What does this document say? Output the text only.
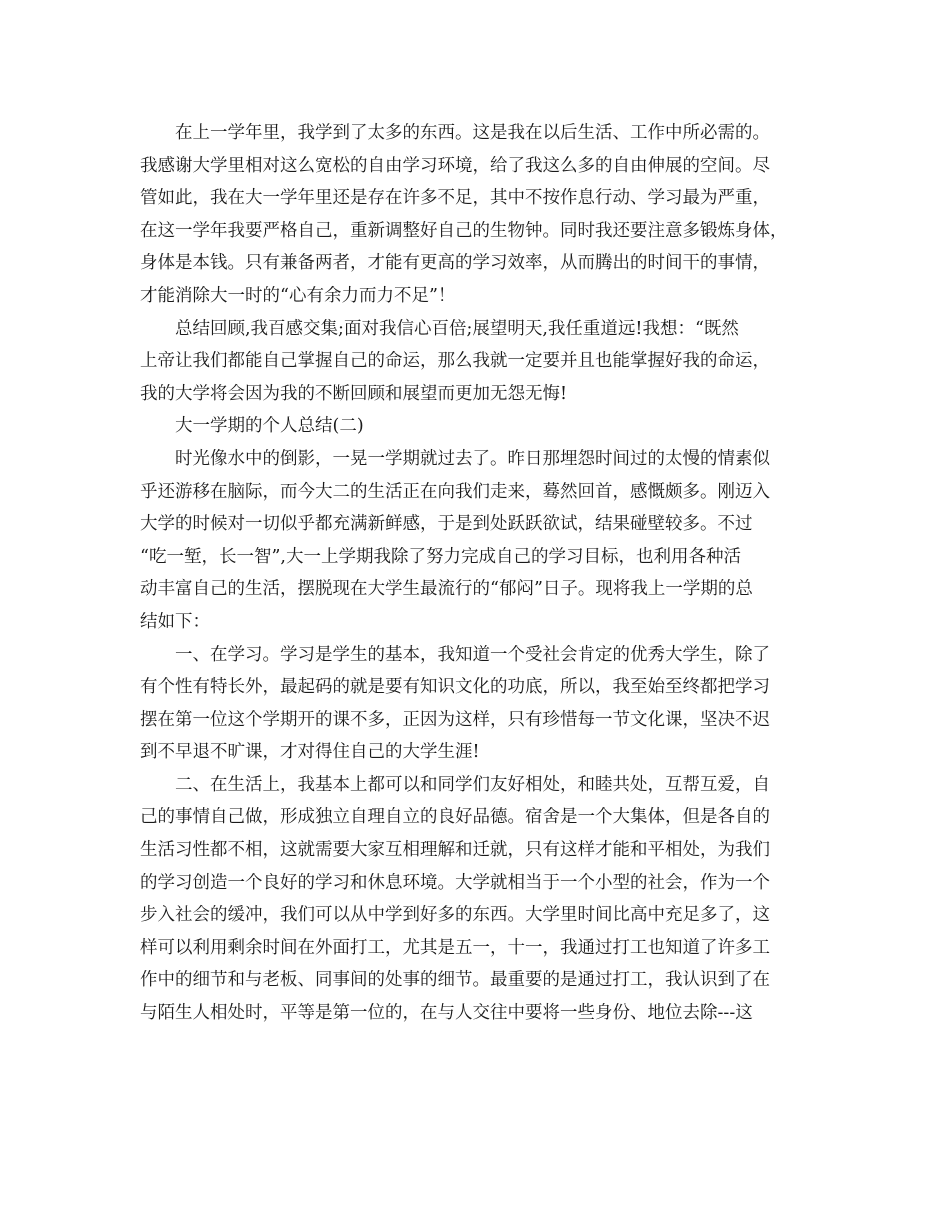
在上一学年里，我学到了太多的东西。这是我在以后生活、工作中所必需的。
我感谢大学里相对这么宽松的自由学习环境，给了我这么多的自由伸展的空间。尽
管如此，我在大一学年里还是存在许多不足，其中不按作息行动、学习最为严重，
在这一学年我要严格自己，重新调整好自己的生物钟。同时我还要注意多锻炼身体，
身体是本钱。只有兼备两者，才能有更高的学习效率，从而腾出的时间干的事情，
才能消除大一时的“心有余力而力不足”！
总结回顾,我百感交集;面对我信心百倍;展望明天,我任重道远!我想：“既然
上帝让我们都能自己掌握自己的命运，那么我就一定要并且也能掌握好我的命运，
我的大学将会因为我的不断回顾和展望而更加无怨无悔!
大一学期的个人总结(二)
时光像水中的倒影，一晃一学期就过去了。昨日那埋怨时间过的太慢的情素似
乎还游移在脑际，而今大二的生活正在向我们走来，蓦然回首，感慨颇多。刚迈入
大学的时候对一切似乎都充满新鲜感，于是到处跃跃欲试，结果碰壁较多。不过
“吃一堑，长一智”,大一上学期我除了努力完成自己的学习目标，也利用各种活
动丰富自己的生活，摆脱现在大学生最流行的“郁闷”日子。现将我上一学期的总
结如下：
一、在学习。学习是学生的基本，我知道一个受社会肯定的优秀大学生，除了
有个性有特长外，最起码的就是要有知识文化的功底，所以，我至始至终都把学习
摆在第一位这个学期开的课不多，正因为这样，只有珍惜每一节文化课，坚决不迟
到不早退不旷课，才对得住自己的大学生涯!
二、在生活上，我基本上都可以和同学们友好相处，和睦共处，互帮互爱，自
己的事情自己做，形成独立自理自立的良好品德。宿舍是一个大集体，但是各自的
生活习性都不相，这就需要大家互相理解和迁就，只有这样才能和平相处，为我们
的学习创造一个良好的学习和休息环境。大学就相当于一个小型的社会，作为一个
步入社会的缓冲，我们可以从中学到好多的东西。大学里时间比高中充足多了，这
样可以利用剩余时间在外面打工，尤其是五一，十一，我通过打工也知道了许多工
作中的细节和与老板、同事间的处事的细节。最重要的是通过打工，我认识到了在
与陌生人相处时，平等是第一位的，在与人交往中要将一些身份、地位去除---这
